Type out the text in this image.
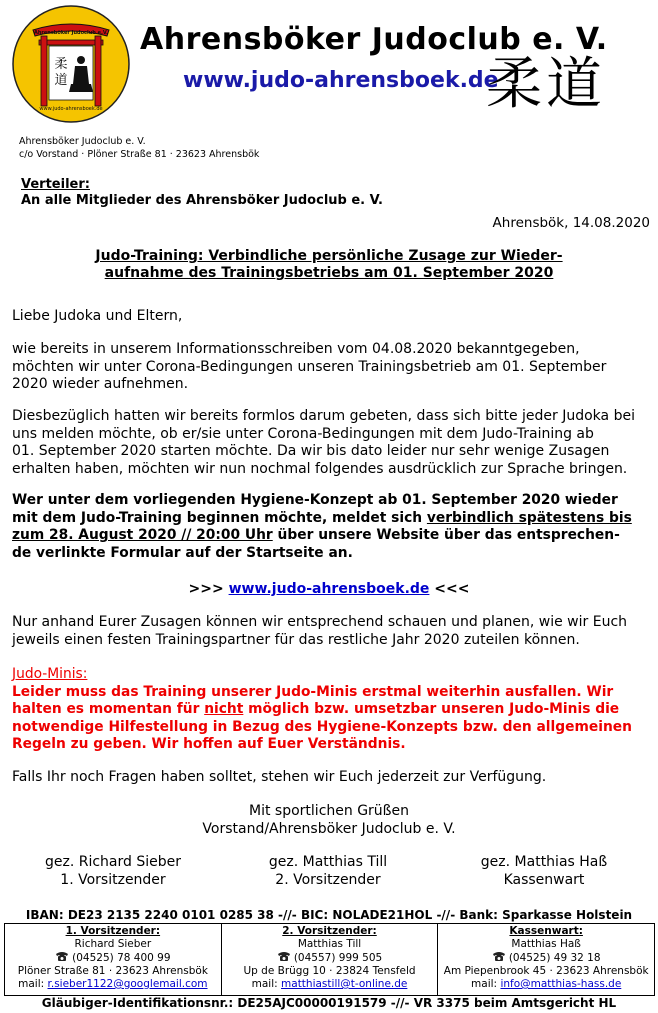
Ahrensböker Judoclub e.V.
柔
道
www.judo-ahrensboek.de
Ahrensböker Judoclub e. V.
www.judo-ahrensboek.de
柔道
Ahrensböker Judoclub e. V.
c/o Vorstand · Plöner Straße 81 · 23623 Ahrensbök
Verteiler:
An alle Mitglieder des Ahrensböker Judoclub e. V.
Ahrensbök, 14.08.2020
Judo-Training: Verbindliche persönliche Zusage zur Wieder-
aufnahme des Trainingsbetriebs am 01. September 2020
Liebe Judoka und Eltern,
wie bereits in unserem Informationsschreiben vom 04.08.2020 bekanntgegeben,
möchten wir unter Corona-Bedingungen unseren Trainingsbetrieb am 01. September
2020 wieder aufnehmen.
Diesbezüglich hatten wir bereits formlos darum gebeten, dass sich bitte jeder Judoka bei
uns melden möchte, ob er/sie unter Corona-Bedingungen mit dem Judo-Training ab
01. September 2020 starten möchte. Da wir bis dato leider nur sehr wenige Zusagen
erhalten haben, möchten wir nun nochmal folgendes ausdrücklich zur Sprache bringen.
Wer unter dem vorliegenden Hygiene-Konzept ab 01. September 2020 wieder
mit dem Judo-Training beginnen möchte, meldet sich verbindlich spätestens bis
zum 28. August 2020 // 20:00 Uhr über unsere Website über das entsprechen-
de verlinkte Formular auf der Startseite an.
>>> www.judo-ahrensboek.de <<<
Nur anhand Eurer Zusagen können wir entsprechend schauen und planen, wie wir Euch
jeweils einen festen Trainingspartner für das restliche Jahr 2020 zuteilen können.
Judo-Minis:
Leider muss das Training unserer Judo-Minis erstmal weiterhin ausfallen. Wir
halten es momentan für nicht möglich bzw. umsetzbar unseren Judo-Minis die
notwendige Hilfestellung in Bezug des Hygiene-Konzepts bzw. den allgemeinen
Regeln zu geben. Wir hoffen auf Euer Verständnis.
Falls Ihr noch Fragen haben solltet, stehen wir Euch jederzeit zur Verfügung.
Mit sportlichen Grüßen
Vorstand/Ahrensböker Judoclub e. V.
gez. Richard Sieber
1. Vorsitzender
gez. Matthias Till
2. Vorsitzender
gez. Matthias Haß
Kassenwart
IBAN: DE23 2135 2240 0101 0285 38 -//- BIC: NOLADE21HOL -//- Bank: Sparkasse Holstein
1. Vorsitzender:
Richard Sieber
(04525) 78 400 99
Plöner Straße 81 · 23623 Ahrensbök
mail: r.sieber1122@googlemail.com
2. Vorsitzender:
Matthias Till
(04557) 999 505
Up de Brügg 10 · 23824 Tensfeld
mail: matthiastill@t-online.de
Kassenwart:
Matthias Haß
(04525) 49 32 18
Am Piepenbrook 45 · 23623 Ahrensbök
mail: info@matthias-hass.de
Gläubiger-Identifikationsnr.: DE25AJC00000191579 -//- VR 3375 beim Amtsgericht HL
